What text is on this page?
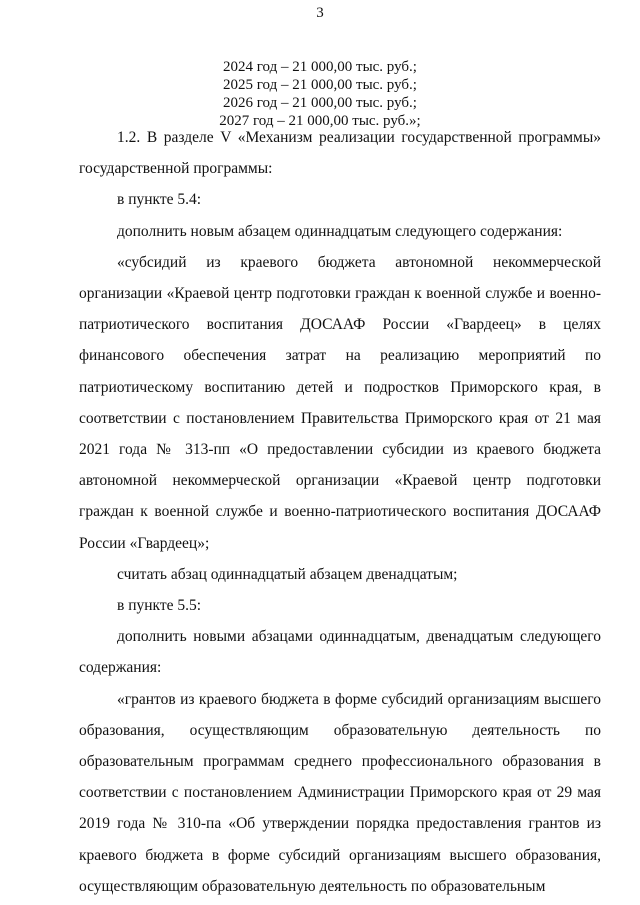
3
2024 год – 21 000,00 тыс. руб.;
2025 год – 21 000,00 тыс. руб.;
2026 год – 21 000,00 тыс. руб.;
2027 год – 21 000,00 тыс. руб.»;

1.2. В разделе V «Механизм реализации государственной программы» государственной программы:

в пункте 5.4:

дополнить новым абзацем одиннадцатым следующего содержания:

«субсидий из краевого бюджета автономной некоммерческой организации «Краевой центр подготовки граждан к военной службе и военно-патриотического воспитания ДОСААФ России «Гвардеец» в целях финансового обеспечения затрат на реализацию мероприятий по патриотическому воспитанию детей и подростков Приморского края, в соответствии с постановлением Правительства Приморского края от 21 мая 2021 года № 313-пп «О предоставлении субсидии из краевого бюджета автономной некоммерческой организации «Краевой центр подготовки граждан к военной службе и военно-патриотического воспитания ДОСААФ России «Гвардеец»;

считать абзац одиннадцатый абзацем двенадцатым;

в пункте 5.5:

дополнить новыми абзацами одиннадцатым, двенадцатым следующего содержания:

«грантов из краевого бюджета в форме субсидий организациям высшего образования, осуществляющим образовательную деятельность по образовательным программам среднего профессионального образования в соответствии с постановлением Администрации Приморского края от 29 мая 2019 года № 310-па «Об утверждении порядка предоставления грантов из краевого бюджета в форме субсидий организациям высшего образования, осуществляющим образовательную деятельность по образовательным
